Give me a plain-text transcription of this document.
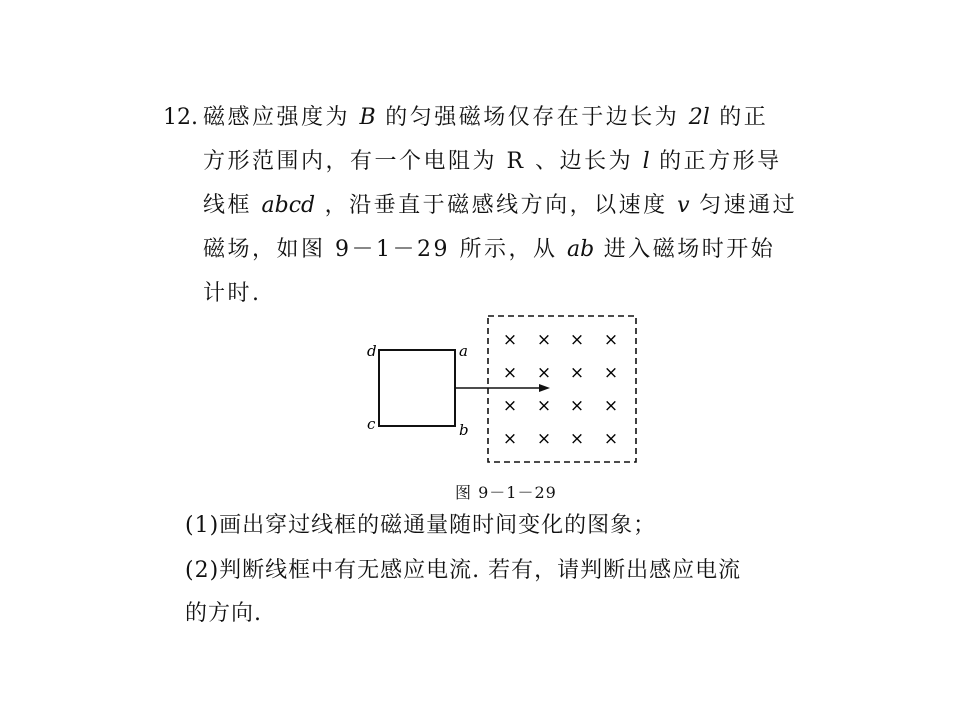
12. 磁感应强度为 B 的匀强磁场仅存在于边长为 2l 的正
方形范围内，有一个电阻为 R 、边长为 l 的正方形导
线框 abcd ，沿垂直于磁感线方向，以速度 v 匀速通过
磁场，如图 9－1－29 所示，从 ab 进入磁场时开始
计时.
d	a
c	b
× × × ×
× × × ×
× × × ×
× × × ×
图 9－1－29
(1)画出穿过线框的磁通量随时间变化的图象；
(2)判断线框中有无感应电流. 若有，请判断出感应电流
的方向.
